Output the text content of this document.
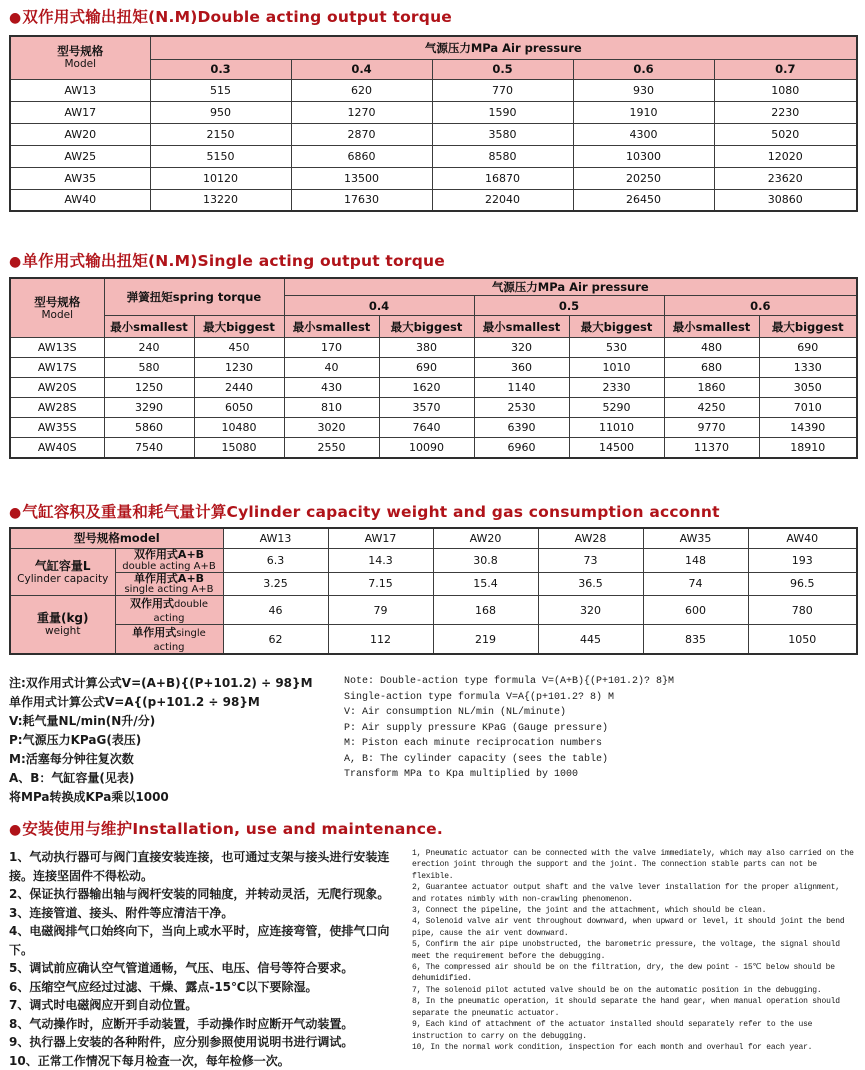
●双作用式输出扭矩(N.M)Double acting output torque
型号规格
Model	气源压力MPa Air pressure				
	0.3	0.4	0.5	0.6	0.7
AW13	515	620	770	930	1080
AW17	950	1270	1590	1910	2230
AW20	2150	2870	3580	4300	5020
AW25	5150	6860	8580	10300	12020
AW35	10120	13500	16870	20250	23620
AW40	13220	17630	22040	26450	30860
●单作用式输出扭矩(N.M)Single acting output torque
型号规格
Model	弹簧扭矩spring torque		气源压力MPa Air pressure					
			0.4		0.5		0.6	
	最小smallest	最大biggest	最小smallest	最大biggest	最小smallest	最大biggest	最小smallest	最大biggest
AW13S	240	450	170	380	320	530	480	690
AW17S	580	1230	40	690	360	1010	680	1330
AW20S	1250	2440	430	1620	1140	2330	1860	3050
AW28S	3290	6050	810	3570	2530	5290	4250	7010
AW35S	5860	10480	3020	7640	6390	11010	9770	14390
AW40S	7540	15080	2550	10090	6960	14500	11370	18910
●气缸容积及重量和耗气量计算Cylinder capacity weight and gas consumption acconnt
型号规格model		AW13	AW17	AW20	AW28	AW35	AW40

气缸容量L
Cylinder capacity

双作用式A+B
double acting A+B	6.3	14.3	30.8	73	148	193

	单作用式A+B
single acting A+B	3.25	7.15	15.4	36.5	74	96.5

重量(kg)
weight	双作用式double acting	46	79	168	320	600	780
	单作用式single acting	62	112	219	445	835	1050
注:双作用式计算公式V=(A+B){(P+101.2) ÷ 98}M
单作用式计算公式V=A{(p+101.2 ÷ 98}M
V:耗气量NL/min(N升/分)
P:气源压力KPaG(表压)
M:活塞每分钟往复次数
A、B：气缸容量(见表)
将MPa转换成KPa乘以1000
Note: Double-action type formula V=(A+B){(P+101.2)? 8}M
Single-action type formula V=A{(p+101.2? 8) M
V: Air consumption NL/min (NL/minute)
P: Air supply pressure KPaG (Gauge pressure)
M: Piston each minute reciprocation numbers
A, B: The cylinder capacity (sees the table)
Transform MPa to Kpa multiplied by 1000
●安装使用与维护Installation, use and maintenance.
1、气动执行器可与阀门直接安装连接，也可通过支架与接头进行安装连接。连接坚固件不得松动。
2、保证执行器输出轴与阀杆安装的同轴度，并转动灵活，无爬行现象。
3、连接管道、接头、附件等应清洁干净。
4、电磁阀排气口始终向下，当向上或水平时，应连接弯管，使排气口向下。
5、调试前应确认空气管道通畅，气压、电压、信号等符合要求。
6、压缩空气应经过过滤、干燥、露点-15℃以下要除湿。
7、调式时电磁阀应开到自动位置。
8、气动操作时，应断开手动装置，手动操作时应断开气动装置。
9、执行器上安装的各种附件，应分别参照使用说明书进行调试。
10、正常工作情况下每月检查一次，每年检修一次。
1, Pneumatic actuator can be connected with the valve immediately, which may also carried on the erection joint through the support and the joint. The connection stable parts can not be flexible.
2, Guarantee actuator output shaft and the valve lever installation for the proper alignment, and rotates nimbly with non-crawling phenomenon.
3, Connect the pipeline, the joint and the attachment, which should be clean.
4, Solenoid valve air vent throughout downward, when upward or level, it should joint the bend pipe, cause the air vent downward.
5, Confirm the air pipe unobstructed, the barometric pressure, the voltage, the signal should meet the requirement before the debugging.
6, The compressed air should be on the filtration, dry, the dew point - 15℃ below should be dehumidified.
7, The solenoid pilot actuted valve should be on the automatic position in the debugging.
8, In the pneumatic operation, it should separate the hand gear, when manual operation should separate the pneumatic actuator.
9, Each kind of attachment of the actuator installed should separately refer to the use instruction to carry on the debugging.
10, In the normal work condition, inspection for each month and overhaul for each year.
